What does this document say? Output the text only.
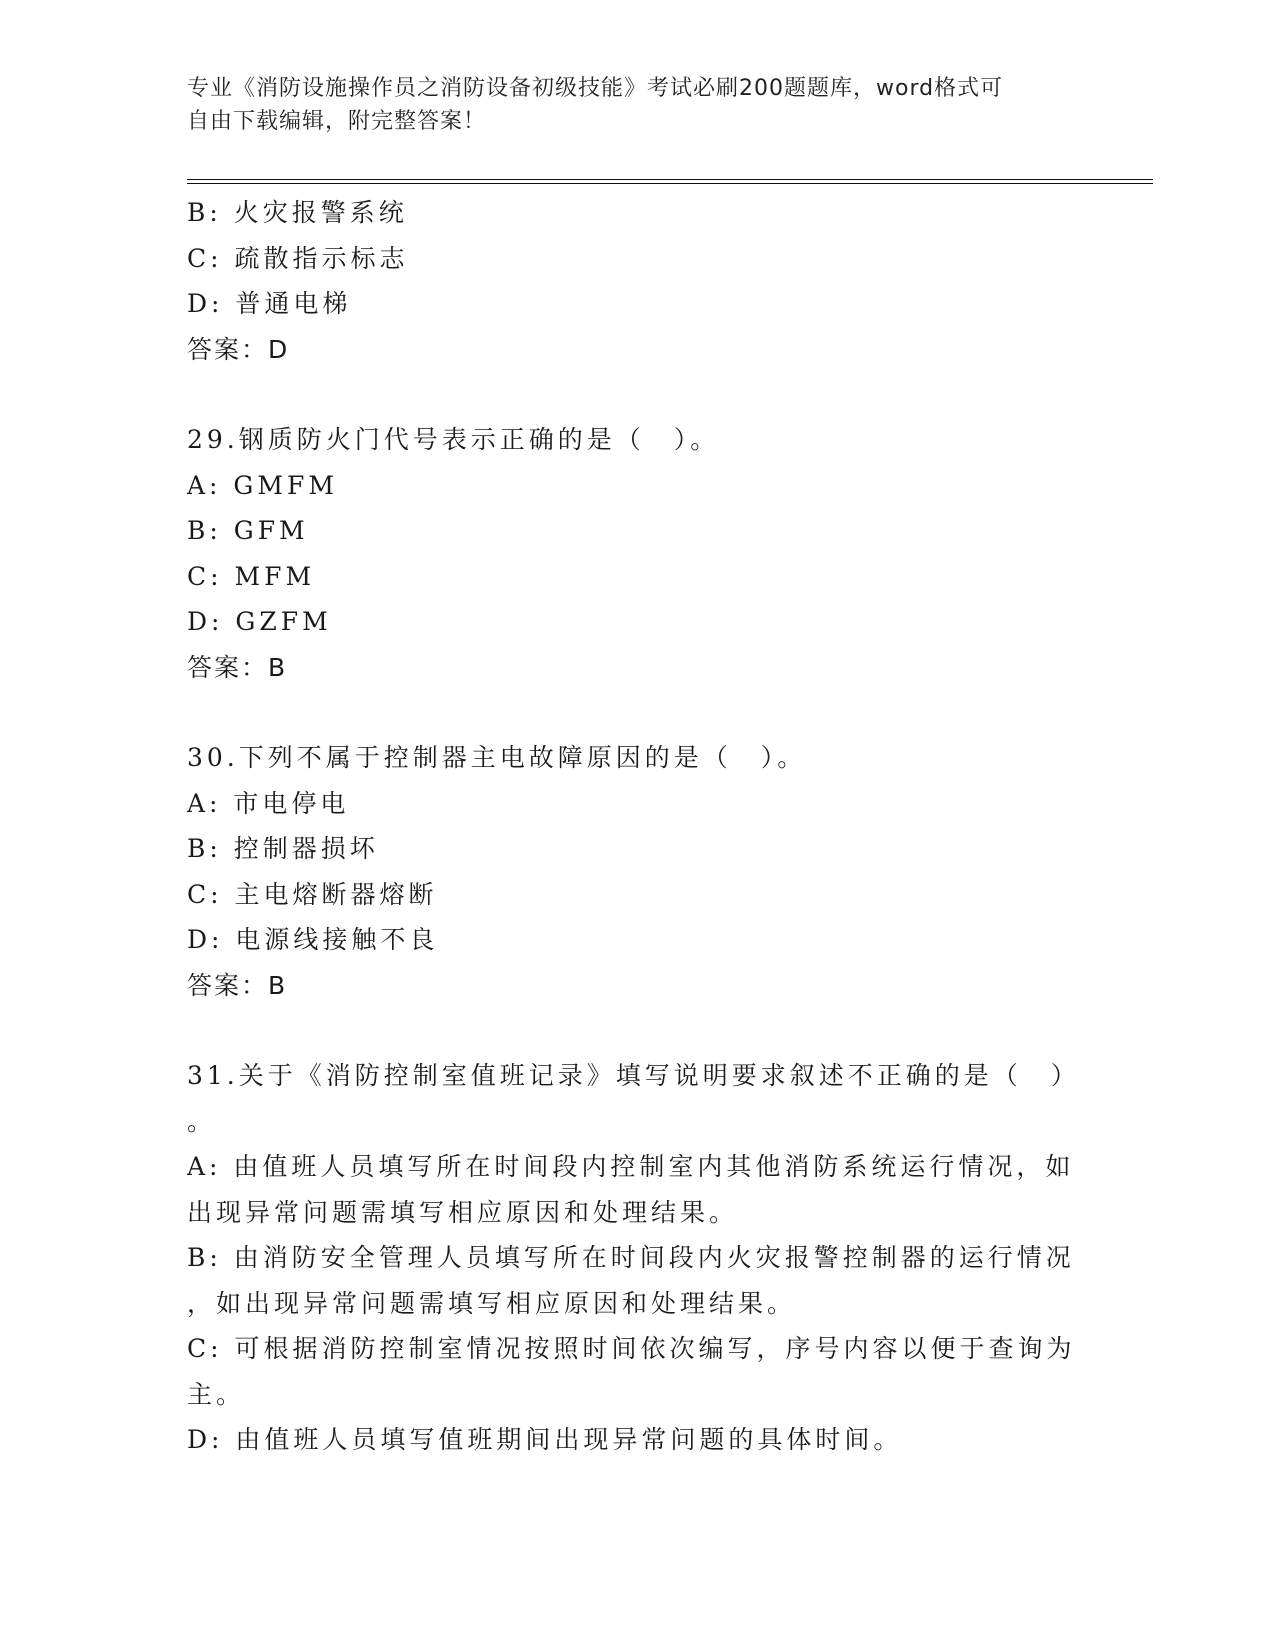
专业《消防设施操作员之消防设备初级技能》考试必刷200题题库，word格式可
自由下载编辑，附完整答案！
B: 火灾报警系统
C: 疏散指示标志
D: 普通电梯
答案：D
29.钢质防火门代号表示正确的是（　）。
A: GMFM
B: GFM
C: MFM
D: GZFM
答案：B
30.下列不属于控制器主电故障原因的是（　）。
A: 市电停电
B: 控制器损坏
C: 主电熔断器熔断
D: 电源线接触不良
答案：B
31.关于《消防控制室值班记录》填写说明要求叙述不正确的是（　）
。
A: 由值班人员填写所在时间段内控制室内其他消防系统运行情况，如
出现异常问题需填写相应原因和处理结果。
B: 由消防安全管理人员填写所在时间段内火灾报警控制器的运行情况
，如出现异常问题需填写相应原因和处理结果。
C: 可根据消防控制室情况按照时间依次编写，序号内容以便于查询为
主。
D: 由值班人员填写值班期间出现异常问题的具体时间。
